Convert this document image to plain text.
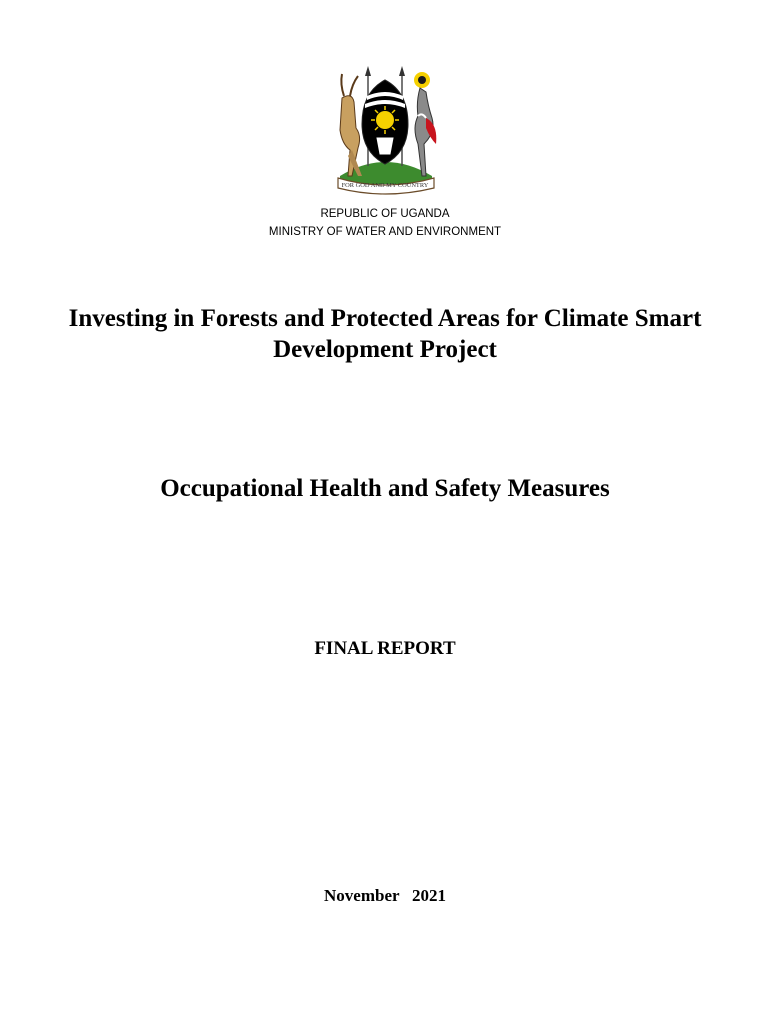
FOR GOD AND MY COUNTRY
REPUBLIC OF UGANDA
MINISTRY OF WATER AND ENVIRONMENT
Investing in Forests and Protected Areas for Climate Smart Development Project
Occupational Health and Safety Measures
FINAL REPORT
November   2021
